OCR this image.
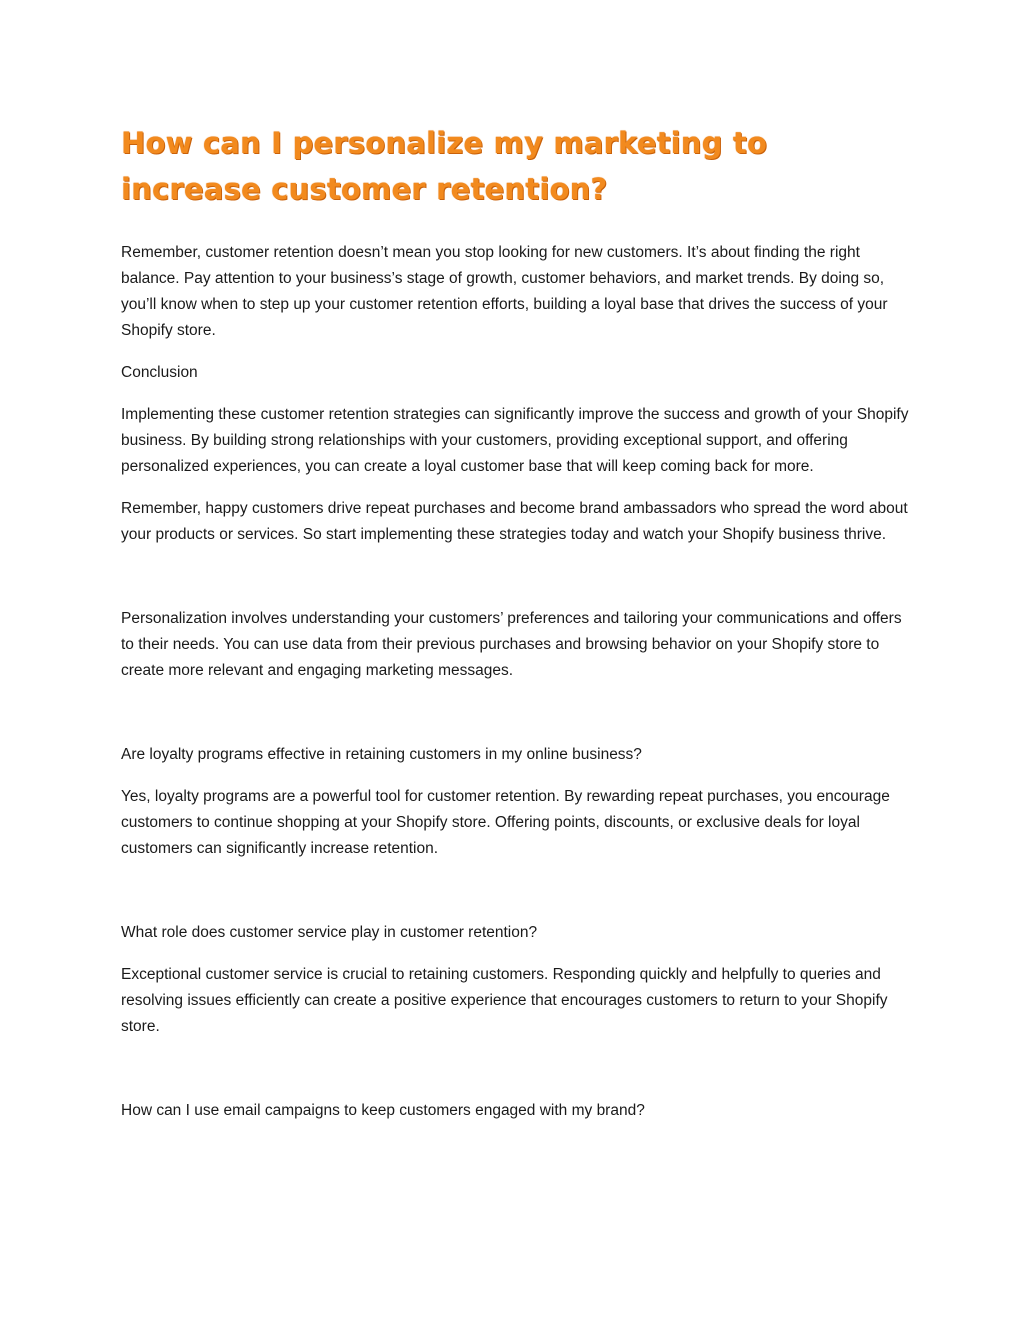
How can I personalize my marketing to increase customer retention?

Remember, customer retention doesn’t mean you stop looking for new customers. It’s about finding the right balance. Pay attention to your business’s stage of growth, customer behaviors, and market trends. By doing so, you’ll know when to step up your customer retention efforts, building a loyal base that drives the success of your Shopify store.

Conclusion

Implementing these customer retention strategies can significantly improve the success and growth of your Shopify business. By building strong relationships with your customers, providing exceptional support, and offering personalized experiences, you can create a loyal customer base that will keep coming back for more.

Remember, happy customers drive repeat purchases and become brand ambassadors who spread the word about your products or services. So start implementing these strategies today and watch your Shopify business thrive.

Personalization involves understanding your customers’ preferences and tailoring your communications and offers to their needs. You can use data from their previous purchases and browsing behavior on your Shopify store to create more relevant and engaging marketing messages.

Are loyalty programs effective in retaining customers in my online business?

Yes, loyalty programs are a powerful tool for customer retention. By rewarding repeat purchases, you encourage customers to continue shopping at your Shopify store. Offering points, discounts, or exclusive deals for loyal customers can significantly increase retention.

What role does customer service play in customer retention?

Exceptional customer service is crucial to retaining customers. Responding quickly and helpfully to queries and resolving issues efficiently can create a positive experience that encourages customers to return to your Shopify store.

How can I use email campaigns to keep customers engaged with my brand?
